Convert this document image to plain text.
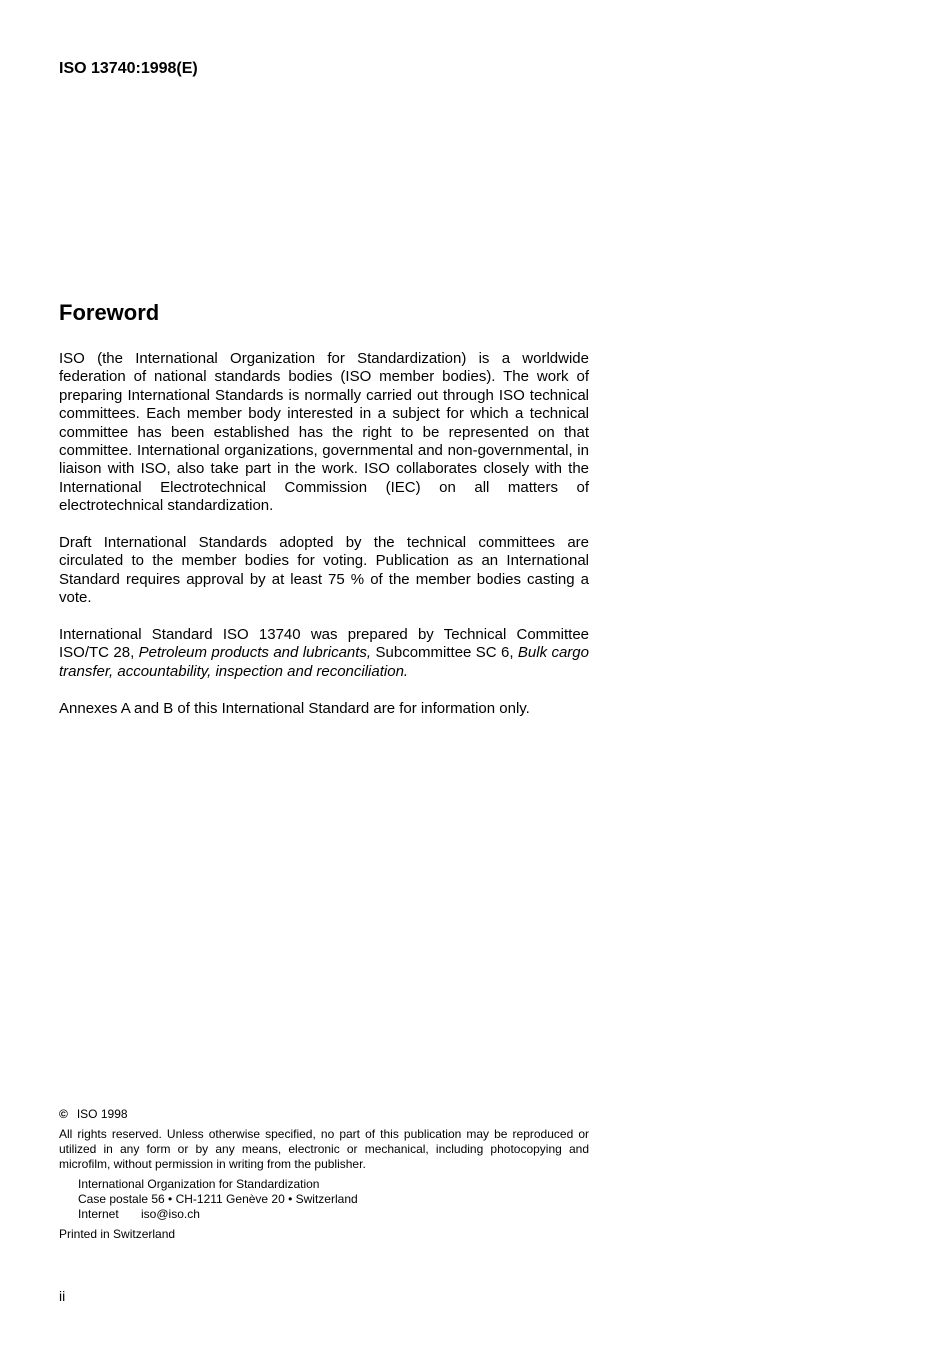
ISO 13740:1998(E)
Foreword

ISO (the International Organization for Standardization) is a worldwide federation of national standards bodies (ISO member bodies). The work of preparing International Standards is normally carried out through ISO technical committees. Each member body interested in a subject for which a technical committee has been established has the right to be represented on that committee. International organizations, governmental and non-governmental, in liaison with ISO, also take part in the work. ISO collaborates closely with the International Electrotechnical Commission (IEC) on all matters of electrotechnical standardization.

Draft International Standards adopted by the technical committees are circulated to the member bodies for voting. Publication as an International Standard requires approval by at least 75 % of the member bodies casting a vote.

International Standard ISO 13740 was prepared by Technical Committee ISO/TC 28, Petroleum products and lubricants, Subcommittee SC 6, Bulk cargo transfer, accountability, inspection and reconciliation.

Annexes A and B of this International Standard are for information only.

© ISO 1998
All rights reserved. Unless otherwise specified, no part of this publication may be reproduced or utilized in any form or by any means, electronic or mechanical, including photocopying and microfilm, without permission in writing from the publisher.
International Organization for Standardization
Case postale 56 • CH-1211 Genève 20 • Switzerland
Internet iso@iso.ch
Printed in Switzerland
ii
